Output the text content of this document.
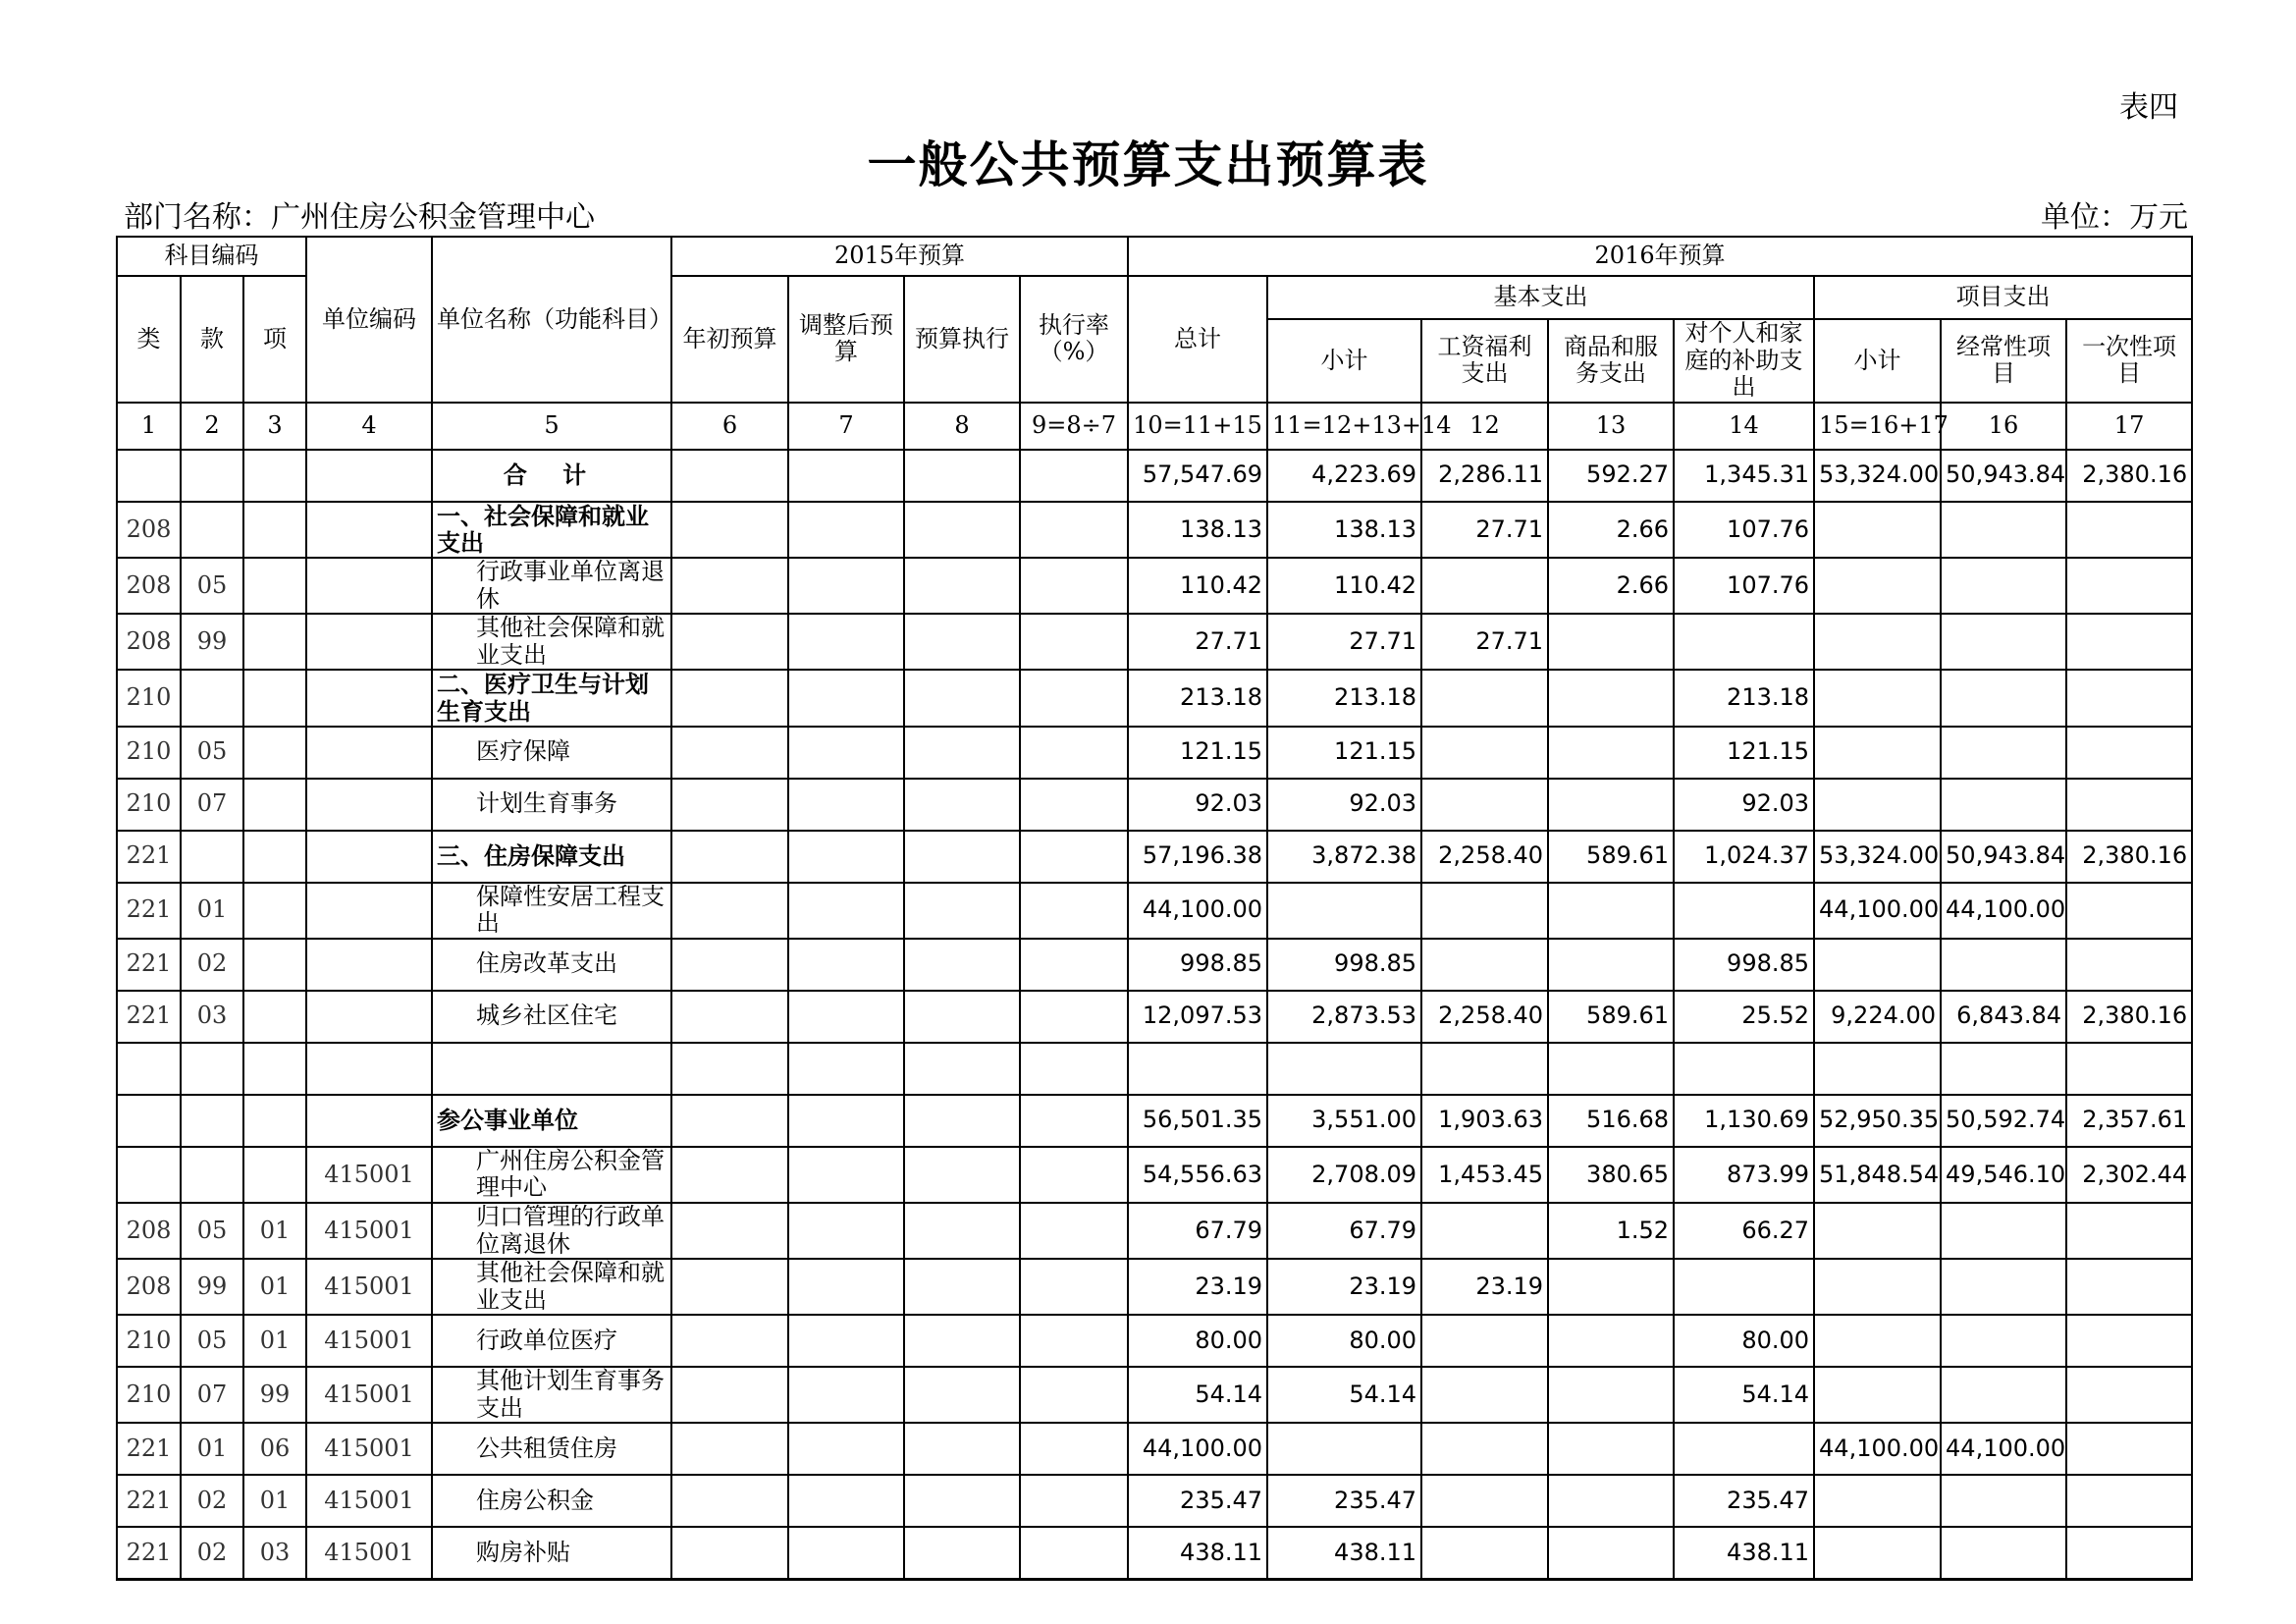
表四
一般公共预算支出预算表
部门名称：广州住房公积金管理中心	单位：万元
科目编码			单位编码	单位名称（功能科目）	2015年预算				2016年预算							
类	款	项			年初预算	调整后预算	预算执行	执行率（%）	总计	基本支出				项目支出		
										小计	工资福利支出	商品和服务支出	对个人和家庭的补助支出	小计	经常性项目	一次性项目
1	2	3	4	5	6	7	8	9=8÷7	10=11+15	11=12+13+14	12	13	14	15=16+17	16	17
				合 计					57,547.69	4,223.69	2,286.11	592.27	1,345.31	53,324.00	50,943.84	2,380.16
208				一、社会保障和就业支出					138.13	138.13	27.71	2.66	107.76			
208	05			行政事业单位离退休					110.42	110.42		2.66	107.76			
208	99			其他社会保障和就业支出					27.71	27.71	27.71					
210				二、医疗卫生与计划生育支出					213.18	213.18			213.18			
210	05			医疗保障					121.15	121.15			121.15			
210	07			计划生育事务					92.03	92.03			92.03			
221				三、住房保障支出					57,196.38	3,872.38	2,258.40	589.61	1,024.37	53,324.00	50,943.84	2,380.16
221	01			保障性安居工程支出					44,100.00					44,100.00	44,100.00	
221	02			住房改革支出					998.85	998.85			998.85			
221	03			城乡社区住宅					12,097.53	2,873.53	2,258.40	589.61	25.52	9,224.00	6,843.84	2,380.16

				参公事业单位					56,501.35	3,551.00	1,903.63	516.68	1,130.69	52,950.35	50,592.74	2,357.61
			415001	广州住房公积金管理中心					54,556.63	2,708.09	1,453.45	380.65	873.99	51,848.54	49,546.10	2,302.44
208	05	01	415001	归口管理的行政单位离退休					67.79	67.79		1.52	66.27			
208	99	01	415001	其他社会保障和就业支出					23.19	23.19	23.19					
210	05	01	415001	行政单位医疗					80.00	80.00			80.00			
210	07	99	415001	其他计划生育事务支出					54.14	54.14			54.14			
221	01	06	415001	公共租赁住房					44,100.00					44,100.00	44,100.00	
221	02	01	415001	住房公积金					235.47	235.47			235.47			
221	02	03	415001	购房补贴					438.11	438.11			438.11			
